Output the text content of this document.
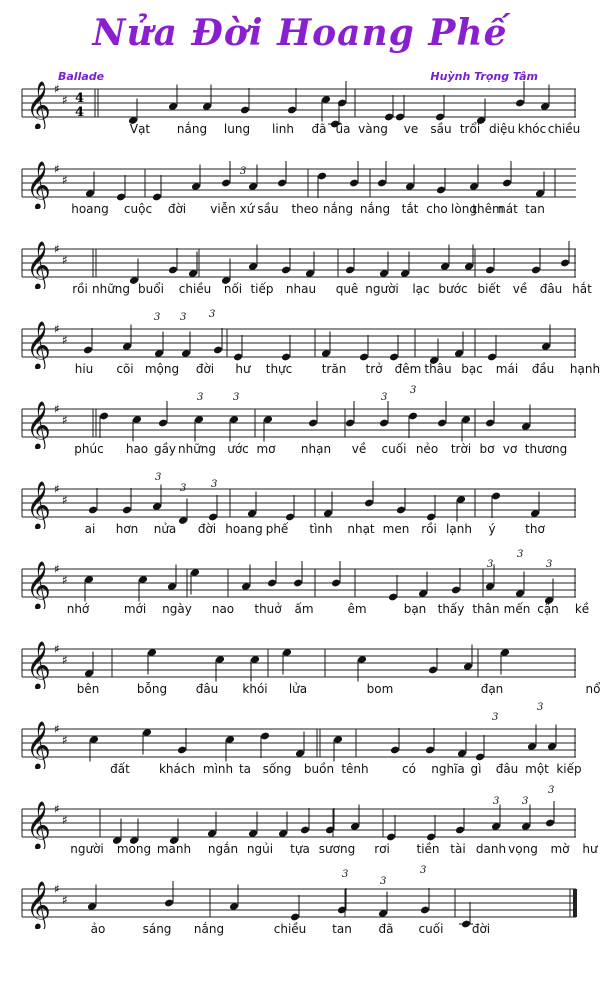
Nửa Đời Hoang Phế
Ballade	Huỳnh Trọng Tâm
𝄞 ♯
♯ 4
4
Vạt nắng lung linh đã úa vàng ve sầu trổi diệu khóc chiều
𝄞 ♯
♯
3
hoang cuộc đời viễn xứ sầu theo nắng nắng tắt cho lòng
thêm
nát tan
𝄞 ♯
♯
rồi những buổi chiều nối tiếp nhau quê người lạc bước biết về đâu hắt
𝄞 ♯
♯
3 3 3
hiu cõi mộng đời hư thực trăn trở đêm thâu bạc mái đầu hạnh
𝄞 ♯
♯
3
3
3	3
phúc hao gầy những ước mơ nhạn về cuối nẻo trời bơ vơ thương
𝄞 ♯
♯
3
3 3
ai hơn nửa đời hoang phế tình nhạt men rồi lạnh ý thơ
𝄞 ♯
♯
3
3
3
nhớ	mới ngày nao thuở ấm	êm	bạn thấy thân mến cận kề
𝄞 ♯
♯
bên	bỗng đâu khói lửa	bom	đạn	nổ
𝄞 ♯
♯
3
3
đất khách mình ta sống buồn tênh	có nghĩa gì đâu một kiếp
𝄞 ♯
♯
3 3
3
người mong manh ngắn ngủi tựa sương rơi tiền tài danh vọng mờ hư
𝄞 ♯
♯
3
3
3
ảo	sáng nắng	chiều tan đã cuối đời
